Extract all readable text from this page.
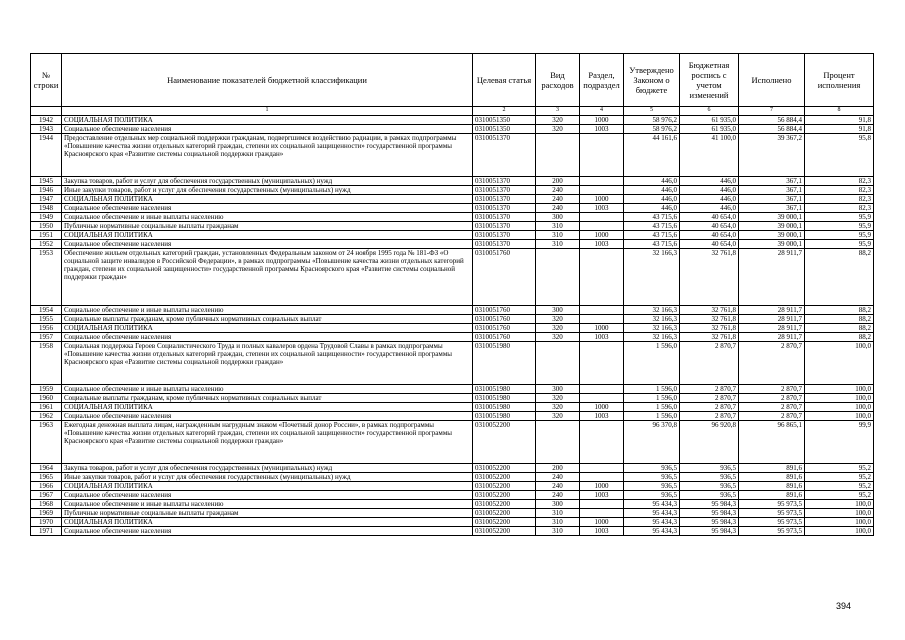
№ строки	Наименование показателей бюджетной классификации	Целевая статья	Вид расходов	Раздел, подраздел	Утверждено Законом о бюджете	Бюджетная роспись с учетом изменений	Исполнено	Процент исполнения
	1	2	3	4	5	6	7	8
1942	СОЦИАЛЬНАЯ ПОЛИТИКА	0310051350	320	1000	58 976,2	61 935,0	56 884,4	91,8
1943	Социальное обеспечение населения	0310051350	320	1003	58 976,2	61 935,0	56 884,4	91,8
1944	Предоставление отдельных мер социальной поддержки гражданам, подвергшимся воздействию радиации, в рамках подпрограммы «Повышение качества жизни отдельных категорий граждан, степени их социальной защищенности» государственной программы Красноярского края «Развитие системы социальной поддержки граждан»	0310051370			44 161,6	41 100,0	39 367,2	95,8
1945	Закупка товаров, работ и услуг для обеспечения государственных (муниципальных) нужд	0310051370	200		446,0	446,0	367,1	82,3
1946	Иные закупки товаров, работ и услуг для обеспечения государственных (муниципальных) нужд	0310051370	240		446,0	446,0	367,1	82,3
1947	СОЦИАЛЬНАЯ ПОЛИТИКА	0310051370	240	1000	446,0	446,0	367,1	82,3
1948	Социальное обеспечение населения	0310051370	240	1003	446,0	446,0	367,1	82,3
1949	Социальное обеспечение и иные выплаты населению	0310051370	300		43 715,6	40 654,0	39 000,1	95,9
1950	Публичные нормативные социальные выплаты гражданам	0310051370	310		43 715,6	40 654,0	39 000,1	95,9
1951	СОЦИАЛЬНАЯ ПОЛИТИКА	0310051370	310	1000	43 715,6	40 654,0	39 000,1	95,9
1952	Социальное обеспечение населения	0310051370	310	1003	43 715,6	40 654,0	39 000,1	95,9
1953	Обеспечение жильем отдельных категорий граждан, установленных Федеральным законом от 24 ноября 1995 года № 181-ФЗ «О социальной защите инвалидов в Российской Федерации», в рамках подпрограммы «Повышение качества жизни отдельных категорий граждан, степени их социальной защищенности» государственной программы Красноярского края «Развитие системы социальной поддержки граждан»	0310051760			32 166,3	32 761,8	28 911,7	88,2
1954	Социальное обеспечение и иные выплаты населению	0310051760	300		32 166,3	32 761,8	28 911,7	88,2
1955	Социальные выплаты гражданам, кроме публичных нормативных социальных выплат	0310051760	320		32 166,3	32 761,8	28 911,7	88,2
1956	СОЦИАЛЬНАЯ ПОЛИТИКА	0310051760	320	1000	32 166,3	32 761,8	28 911,7	88,2
1957	Социальное обеспечение населения	0310051760	320	1003	32 166,3	32 761,8	28 911,7	88,2
1958	Социальная поддержка Героев Социалистического Труда и полных кавалеров ордена Трудовой Славы в рамках подпрограммы «Повышение качества жизни отдельных категорий граждан, степени их социальной защищенности» государственной программы Красноярского края «Развитие системы социальной поддержки граждан»	0310051980			1 596,0	2 870,7	2 870,7	100,0
1959	Социальное обеспечение и иные выплаты населению	0310051980	300		1 596,0	2 870,7	2 870,7	100,0
1960	Социальные выплаты гражданам, кроме публичных нормативных социальных выплат	0310051980	320		1 596,0	2 870,7	2 870,7	100,0
1961	СОЦИАЛЬНАЯ ПОЛИТИКА	0310051980	320	1000	1 596,0	2 870,7	2 870,7	100,0
1962	Социальное обеспечение населения	0310051980	320	1003	1 596,0	2 870,7	2 870,7	100,0
1963	Ежегодная денежная выплата лицам, награжденным нагрудным знаком «Почетный донор России», в рамках подпрограммы «Повышение качества жизни отдельных категорий граждан, степени их социальной защищенности» государственной программы Красноярского края «Развитие системы социальной поддержки граждан»	0310052200			96 370,8	96 920,8	96 865,1	99,9
1964	Закупка товаров, работ и услуг для обеспечения государственных (муниципальных) нужд	0310052200	200		936,5	936,5	891,6	95,2
1965	Иные закупки товаров, работ и услуг для обеспечения государственных (муниципальных) нужд	0310052200	240		936,5	936,5	891,6	95,2
1966	СОЦИАЛЬНАЯ ПОЛИТИКА	0310052200	240	1000	936,5	936,5	891,6	95,2
1967	Социальное обеспечение населения	0310052200	240	1003	936,5	936,5	891,6	95,2
1968	Социальное обеспечение и иные выплаты населению	0310052200	300		95 434,3	95 984,3	95 973,5	100,0
1969	Публичные нормативные социальные выплаты гражданам	0310052200	310		95 434,3	95 984,3	95 973,5	100,0
1970	СОЦИАЛЬНАЯ ПОЛИТИКА	0310052200	310	1000	95 434,3	95 984,3	95 973,5	100,0
1971	Социальное обеспечение населения	0310052200	310	1003	95 434,3	95 984,3	95 973,5	100,0
394
